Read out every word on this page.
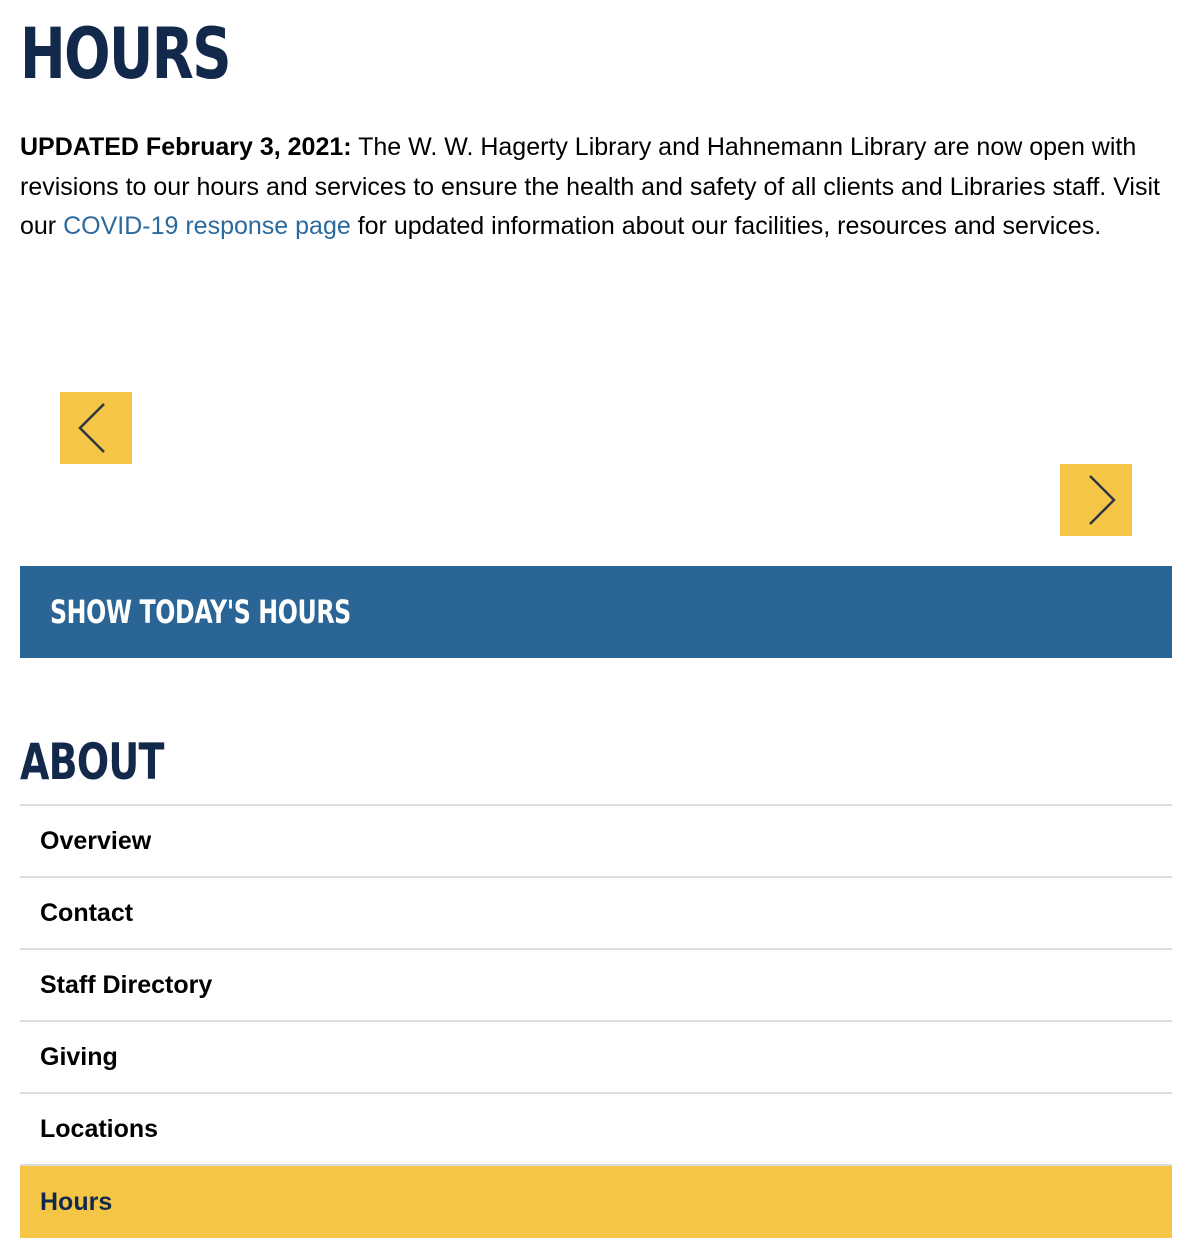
HOURS

UPDATED February 3, 2021: The W. W. Hagerty Library and Hahnemann Library are now open with revisions to our hours and services to ensure the health and safety of all clients and Libraries staff. Visit our COVID-19 response page for updated information about our facilities, resources and services.

SHOW TODAY'S HOURS
ABOUT
Overview
Contact
Staff Directory
Giving
Locations
Hours
